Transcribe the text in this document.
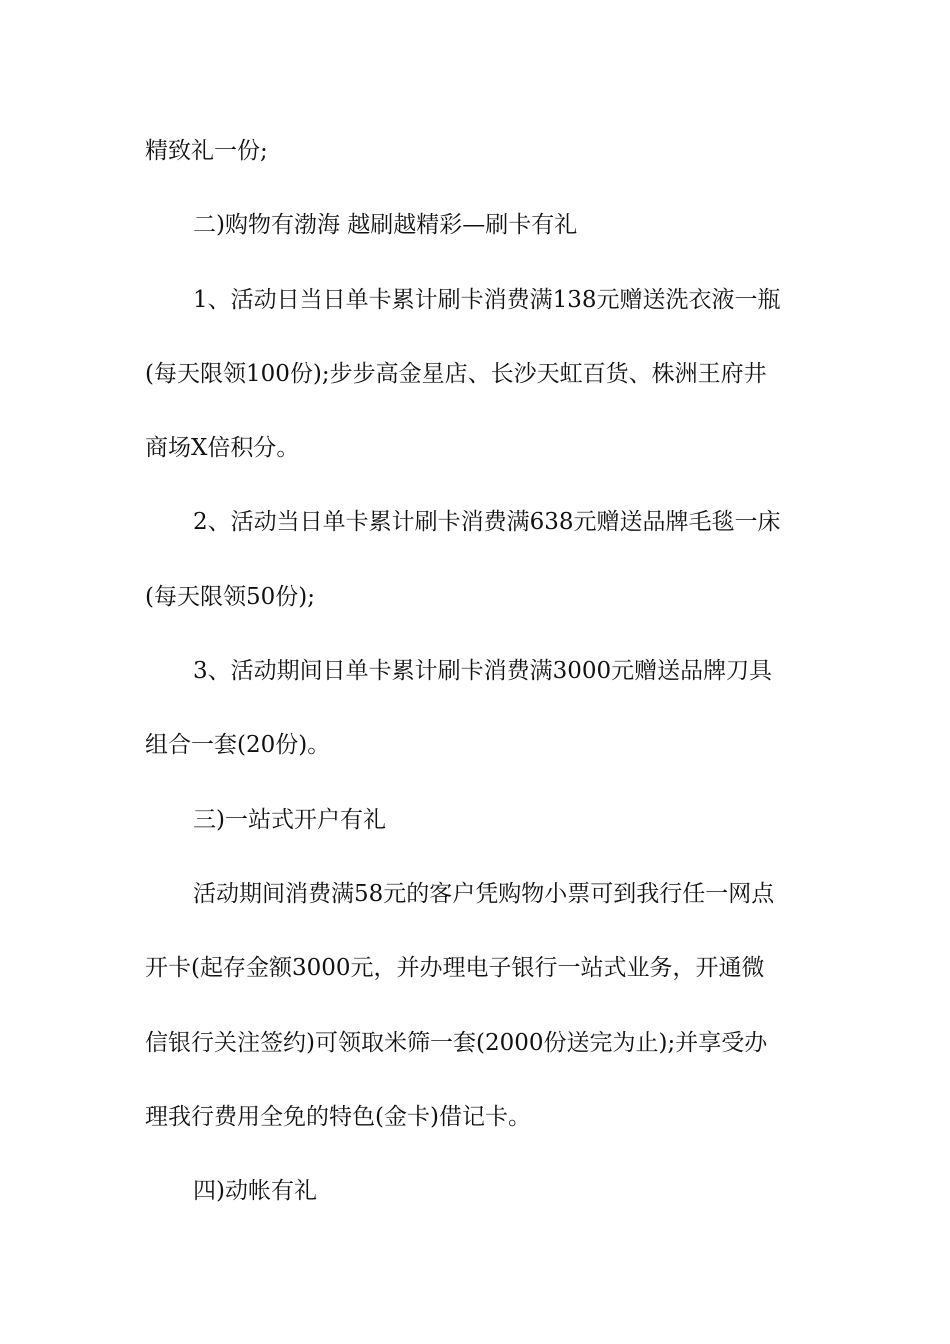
精致礼一份;
二)购物有渤海 越刷越精彩—刷卡有礼
1、活动日当日单卡累计刷卡消费满138元赠送洗衣液一瓶
(每天限领100份);步步高金星店、长沙天虹百货、株洲王府井
商场X倍积分。
2、活动当日单卡累计刷卡消费满638元赠送品牌毛毯一床
(每天限领50份);
3、活动期间日单卡累计刷卡消费满3000元赠送品牌刀具
组合一套(20份)。
三)一站式开户有礼
活动期间消费满58元的客户凭购物小票可到我行任一网点
开卡(起存金额3000元，并办理电子银行一站式业务，开通微
信银行关注签约)可领取米筛一套(2000份送完为止);并享受办
理我行费用全免的特色(金卡)借记卡。
四)动帐有礼
